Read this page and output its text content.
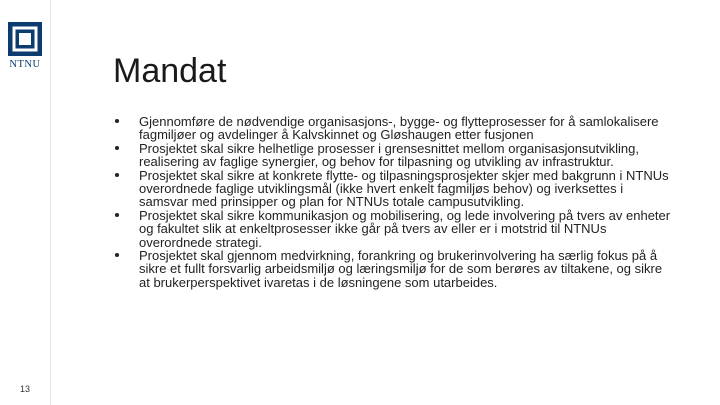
NTNU
13
Mandat
Gjennomføre de nødvendige organisasjons-, bygge- og flytteprosesser for å samlokalisere fagmiljøer og avdelinger å Kalvskinnet og Gløshaugen etter fusjonen
Prosjektet skal sikre helhetlige prosesser i grensesnittet mellom organisasjonsutvikling, realisering av faglige synergier, og behov for tilpasning og utvikling av infrastruktur.
Prosjektet skal sikre at konkrete flytte- og tilpasningsprosjekter skjer med bakgrunn i NTNUs overordnede faglige utviklingsmål (ikke hvert enkelt fagmiljøs behov) og iverksettes i samsvar med prinsipper og plan for NTNUs totale campusutvikling.
Prosjektet skal sikre kommunikasjon og mobilisering, og lede involvering på tvers av enheter og fakultet slik at enkeltprosesser ikke går på tvers av eller er i motstrid til NTNUs overordnede strategi.
Prosjektet skal gjennom medvirkning, forankring og brukerinvolvering ha særlig fokus på å sikre et fullt forsvarlig arbeidsmiljø og læringsmiljø for de som berøres av tiltakene, og sikre at brukerperspektivet ivaretas i de løsningene som utarbeides.
